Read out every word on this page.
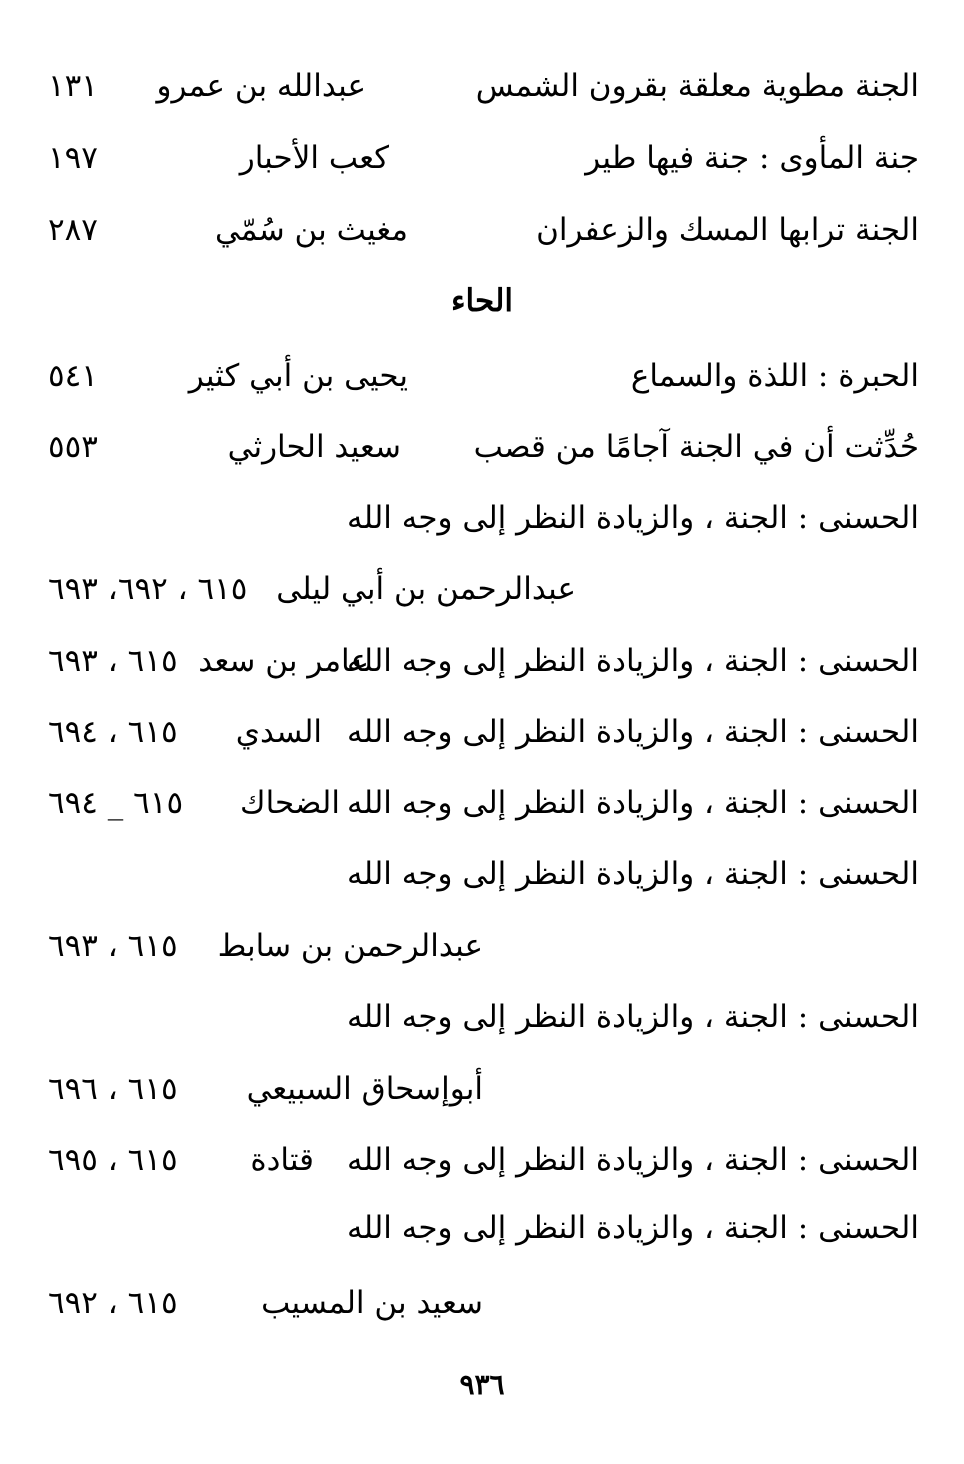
الجنة مطوية معلقة بقرون الشمس
عبدالله بن عمرو
١٣١
جنة المأوى : جنة فيها طير
كعب الأحبار
١٩٧
الجنة ترابها المسك والزعفران
مغيث بن سُمّي
٢٨٧
الحاء
الحبرة : اللذة والسماع
يحيى بن أبي كثير
٥٤١
حُدِّثت أن في الجنة آجامًا من قصب
سعيد الحارثي
٥٥٣
الحسنى : الجنة ، والزيادة النظر إلى وجه الله
عبدالرحمن بن أبي ليلى
٦١٥ ، ٦٩٢، ٦٩٣
الحسنى : الجنة ، والزيادة النظر إلى وجه الله
عامر بن سعد
٦١٥ ، ٦٩٣
الحسنى : الجنة ، والزيادة النظر إلى وجه الله
السدي
٦١٥ ، ٦٩٤
الحسنى : الجنة ، والزيادة النظر إلى وجه الله
الضحاك
٦١٥ _ ٦٩٤
الحسنى : الجنة ، والزيادة النظر إلى وجه الله
عبدالرحمن بن سابط
٦١٥ ، ٦٩٣
الحسنى : الجنة ، والزيادة النظر إلى وجه الله
أبوإسحاق السبيعي
٦١٥ ، ٦٩٦
الحسنى : الجنة ، والزيادة النظر إلى وجه الله
قتادة
٦١٥ ، ٦٩٥
الحسنى : الجنة ، والزيادة النظر إلى وجه الله
سعيد بن المسيب
٦١٥ ، ٦٩٢
٩٣٦
